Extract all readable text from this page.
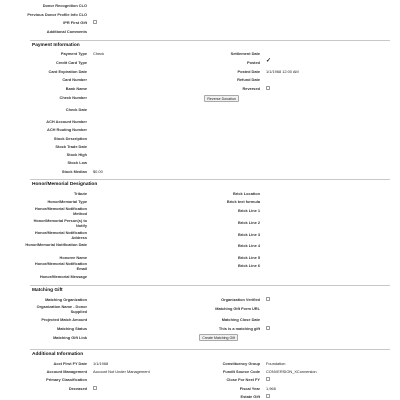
Donor Recognition CLO
Previous Donor Profile Info CLO
IPR First Gift
Additional Comments
Payment Information
Payment Type Check
Credit Card Type
Card Expiration Date
Card Number
Bank Name
Check Number
Check Date
ACH Account Number
ACH Routing Number
Stock Description
Stock Trade Date
Stock High
Stock Low
Stock Median $0.00
Settlement Date
Posted ✓
Posted Date 1/1/1968 12:00 AM
Refund Date
Reversed
Reverse Donation
Honor/Memorial Designation
Tribute
Honor/Memorial Type
Honor/Memorial Notification Method
Honor/Memorial Person(s) to Notify
Honor/Memorial Notification Address
Honor/Memorial Notification Date
Honoree Name
Honor/Memorial Notification Email
Honor/Memorial Message
Brick Location
Brick text formula
Brick Line 1
Brick Line 2
Brick Line 3
Brick Line 4
Brick Line 5
Brick Line 6
Matching Gift
Matching Organization
Organization Name - Donor Supplied
Projected Match Amount
Matching Status
Matching Gift Link
Organization Verified
Matching Gift Form URL
Matching Close Date
This is a matching gift
Create Matching Gift
Additional Information
Acct First FY Date 1/1/1968
Account Management Account Not Under Management
Primary Classification
Deceased
Constituency Group Foundation
FundIt Source Code CONVERSION_XConversion
Close For Next FY
Fiscal Year 1,968
Estate Gift
